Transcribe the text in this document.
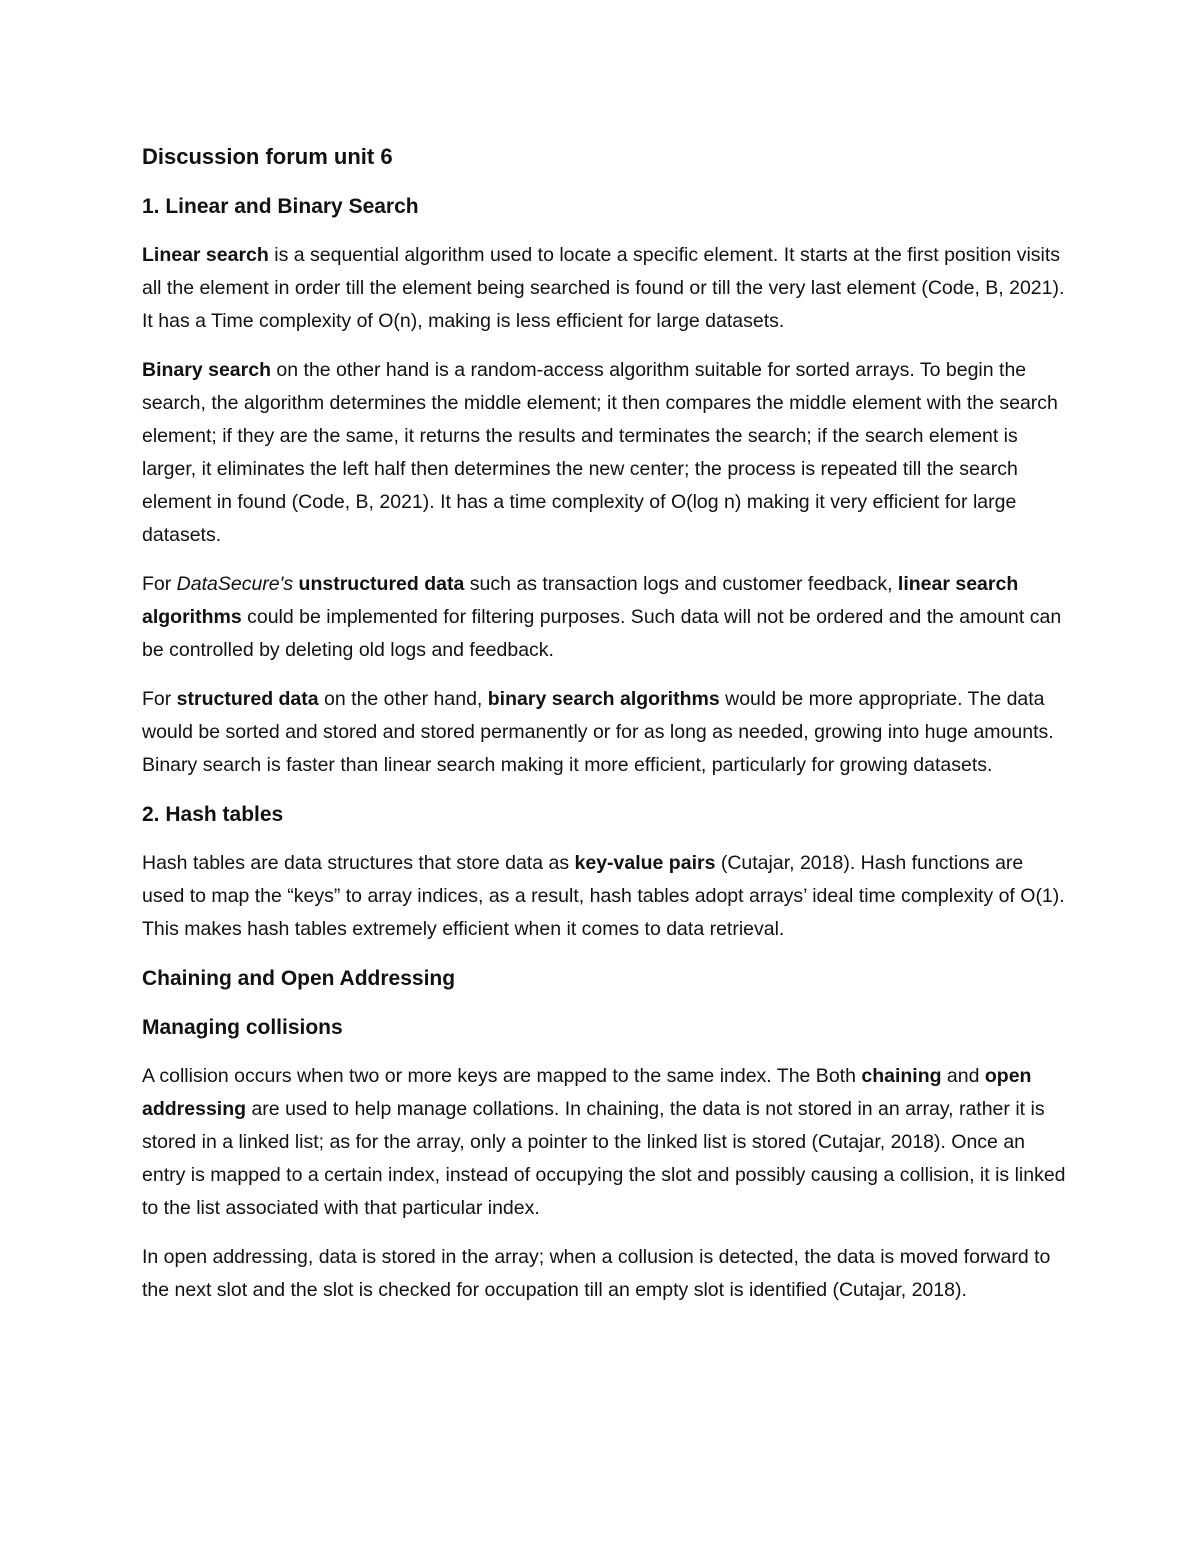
Discussion forum unit 6
1. Linear and Binary Search

Linear search is a sequential algorithm used to locate a specific element. It starts at the first position visits all the element in order till the element being searched is found or till the very last element (Code, B, 2021). It has a Time complexity of O(n), making is less efficient for large datasets.

Binary search on the other hand is a random-access algorithm suitable for sorted arrays. To begin the search, the algorithm determines the middle element; it then compares the middle element with the search element; if they are the same, it returns the results and terminates the search; if the search element is larger, it eliminates the left half then determines the new center; the process is repeated till the search element in found (Code, B, 2021). It has a time complexity of O(log n) making it very efficient for large datasets.

For DataSecure's unstructured data such as transaction logs and customer feedback, linear search algorithms could be implemented for filtering purposes. Such data will not be ordered and the amount can be controlled by deleting old logs and feedback.

For structured data on the other hand, binary search algorithms would be more appropriate. The data would be sorted and stored and stored permanently or for as long as needed, growing into huge amounts. Binary search is faster than linear search making it more efficient, particularly for growing datasets.

2. Hash tables

Hash tables are data structures that store data as key-value pairs (Cutajar, 2018). Hash functions are used to map the “keys” to array indices, as a result, hash tables adopt arrays’ ideal time complexity of O(1). This makes hash tables extremely efficient when it comes to data retrieval.

Chaining and Open Addressing
Managing collisions

A collision occurs when two or more keys are mapped to the same index. The Both chaining and open addressing are used to help manage collations. In chaining, the data is not stored in an array, rather it is stored in a linked list; as for the array, only a pointer to the linked list is stored (Cutajar, 2018). Once an entry is mapped to a certain index, instead of occupying the slot and possibly causing a collision, it is linked to the list associated with that particular index.

In open addressing, data is stored in the array; when a collusion is detected, the data is moved forward to the next slot and the slot is checked for occupation till an empty slot is identified (Cutajar, 2018).
